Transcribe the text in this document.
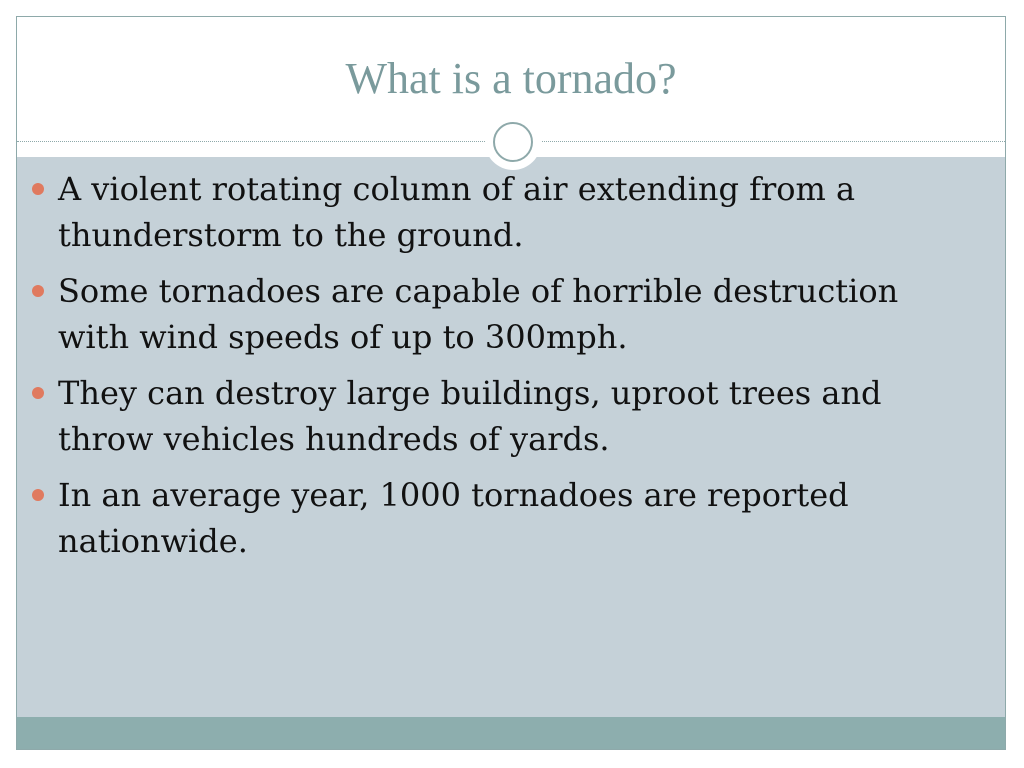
What is a tornado?
A violent rotating column of air extending from a thunderstorm to the ground.
Some tornadoes are capable of horrible destruction with wind speeds of up to 300mph.
They can destroy large buildings, uproot trees and throw vehicles hundreds of yards.
In an average year, 1000 tornadoes are reported nationwide.
